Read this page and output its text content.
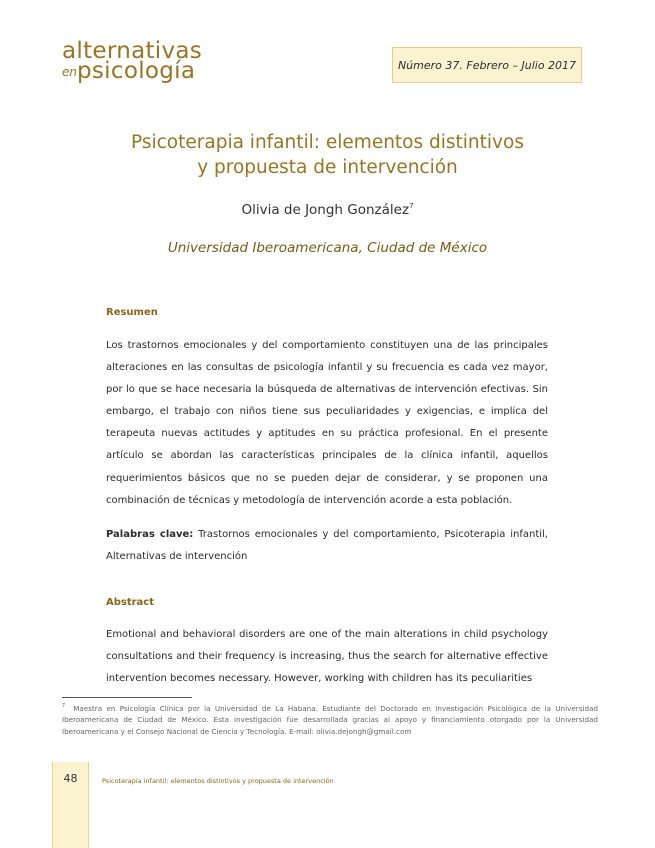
alternativas
enpsicología	Número 37. Febrero – Julio 2017
Psicoterapia infantil: elementos distintivos
y propuesta de intervención
Olivia de Jongh González$^7$
Universidad Iberoamericana, Ciudad de México
Resumen

Los trastornos emocionales y del comportamiento constituyen una de las principales alteraciones en las consultas de psicología infantil y su frecuencia es cada vez mayor, por lo que se hace necesaria la búsqueda de alternativas de intervención efectivas. Sin embargo, el trabajo con niños tiene sus peculiaridades y exigencias, e implica del terapeuta nuevas actitudes y aptitudes en su práctica profesional. En el presente artículo se abordan las características principales de la clínica infantil, aquellos requerimientos básicos que no se pueden dejar de considerar, y se proponen una combinación de técnicas y metodología de intervención acorde a esta población.

Palabras clave: Trastornos emocionales y del comportamiento, Psicoterapia infantil, Alternativas de intervención

Abstract

Emotional and behavioral disorders are one of the main alterations in child psychology consultations and their frequency is increasing, thus the search for alternative effective intervention becomes necessary. However, working with children has its peculiarities

$^7$ Maestra en Psicología Clínica por la Universidad de La Habana. Estudiante del Doctorado en Investigación Psicológica de la Universidad Iberoamericana de Ciudad de México. Esta investigación fue desarrollada gracias al apoyo y financiamiento otorgado por la Universidad Iberoamericana y el Consejo Nacional de Ciencia y Tecnología. E-mail: olivia.dejongh@gmail.com

48	Psicoterapia infantil: elementos distintivos y propuesta de intervención
